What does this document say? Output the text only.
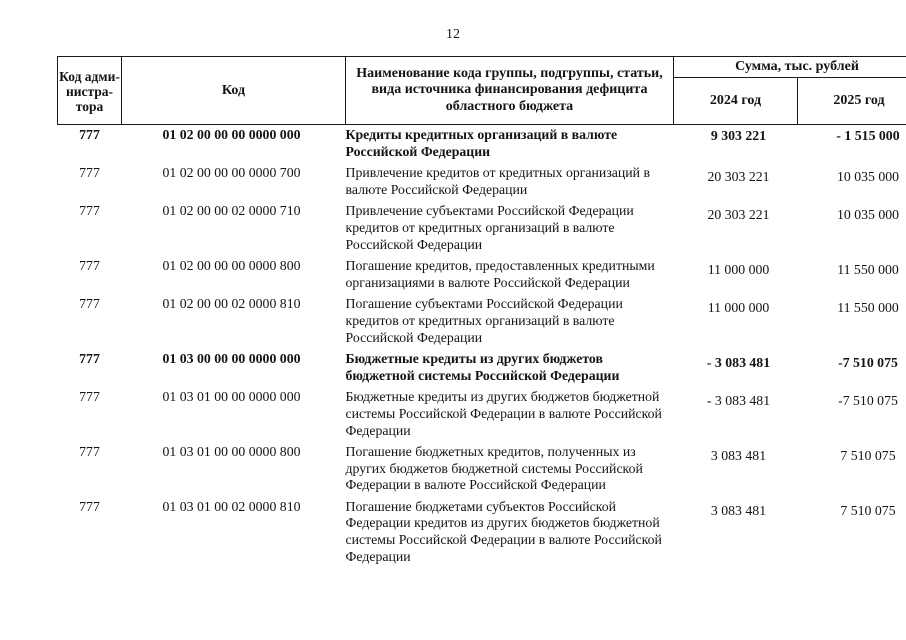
12
Код адми-нистра-тора	Код	Наименование кода группы, подгруппы, статьи, вида источника финансирования дефицита областного бюджета	Сумма, тыс. рублей	
			2024 год	2025 год
777	01 02 00 00 00 0000 000	Кредиты кредитных организаций в валюте Российской Федерации	9 303 221	- 1 515 000
777	01 02 00 00 00 0000 700	Привлечение кредитов от кредитных организаций в валюте Российской Федерации	20 303 221	10 035 000
777	01 02 00 00 02 0000 710	Привлечение субъектами Российской Федерации кредитов от кредитных организаций в валюте Российской Федерации	20 303 221	10 035 000
777	01 02 00 00 00 0000 800	Погашение кредитов, предоставленных кредитными организациями в валюте Российской Федерации	11 000 000	11 550 000
777	01 02 00 00 02 0000 810	Погашение субъектами Российской Федерации кредитов от кредитных организаций в валюте Российской Федерации	11 000 000	11 550 000
777	01 03 00 00 00 0000 000	Бюджетные кредиты из других бюджетов бюджетной системы Российской Федерации	- 3 083 481	-7 510 075
777	01 03 01 00 00 0000 000	Бюджетные кредиты из других бюджетов бюджетной системы Российской Федерации в валюте Российской Федерации	- 3 083 481	-7 510 075
777	01 03 01 00 00 0000 800	Погашение бюджетных кредитов, полученных из других бюджетов бюджетной системы Российской Федерации в валюте Российской Федерации	3 083 481	7 510 075
777	01 03 01 00 02 0000 810	Погашение бюджетами субъектов Российской Федерации кредитов из других бюджетов бюджетной системы Российской Федерации в валюте Российской Федерации	3 083 481	7 510 075
